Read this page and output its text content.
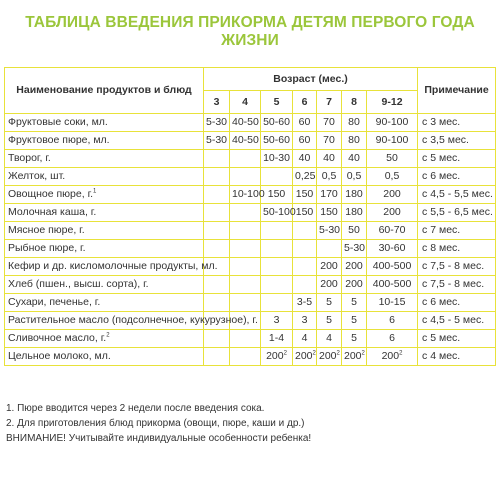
ТАБЛИЦА ВВЕДЕНИЯ ПРИКОРМА ДЕТЯМ ПЕРВОГО ГОДА ЖИЗНИ
Наименование продуктов и блюд	Возраст (мес.)							Примечание
	3	4	5	6	7	8	9-12	
Фруктовые соки, мл.	5-30	40-50	50-60	60	70	80	90-100	с 3 мес.
Фруктовое пюре, мл.	5-30	40-50	50-60	60	70	80	90-100	с 3,5 мес.
Творог, г.			10-30	40	40	40	50	с 5 мес.
Желток, шт.				0,25	0,5	0,5	0,5	с 6 мес.
Овощное пюре, г.$^1$		10-100	150	150	170	180	200	с 4,5 - 5,5 мес.
Молочная каша, г.			50-100	150	150	180	200	с 5,5 - 6,5 мес.
Мясное пюре, г.					5-30	50	60-70	с 7 мес.
Рыбное пюре, г.						5-30	30-60	с 8 мес.
Кефир и др. кисломолочные продукты, мл.					200	200	400-500	с 7,5 - 8 мес.
Хлеб (пшен., высш. сорта), г.					200	200	400-500	с 7,5 - 8 мес.
Сухари, печенье, г.				3-5	5	5	10-15	с 6 мес.
Растительное масло (подсолнечное, кукурузное), г.			3	3	5	5	6	с 4,5 - 5 мес.
Сливочное масло, г.$^2$			1-4	4	4	5	6	с 5 мес.
Цельное молоко, мл.			$200^2$	$200^2$	$200^2$	$200^2$	$200^2$	с 4 мес.
1. Пюре вводится через 2 недели после введения сока.
2. Для приготовления блюд прикорма (овощи, пюре, каши и др.)
ВНИМАНИЕ! Учитывайте индивидуальные особенности ребенка!
